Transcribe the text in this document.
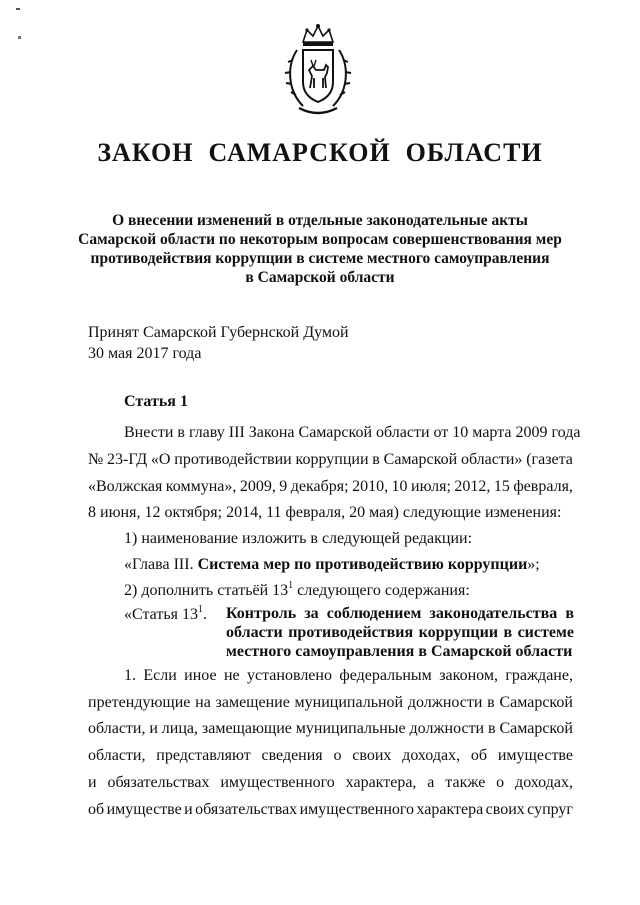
ЗАКОН  САМАРСКОЙ  ОБЛАСТИ
О внесении изменений в отдельные законодательные акты
Самарской области по некоторым вопросам совершенствования мер
противодействия коррупции в системе местного самоуправления
в Самарской области
Принят Самарской Губернской Думой
30 мая 2017 года
Статья 1
Внести в главу III Закона Самарской области от 10 марта 2009 года
№ 23-ГД «О противодействии коррупции в Самарской области» (газета
«Волжская коммуна», 2009, 9 декабря; 2010, 10 июля; 2012, 15 февраля,
8 июня, 12 октября; 2014, 11 февраля, 20 мая) следующие изменения:
1) наименование изложить в следующей редакции:
«Глава III. Система мер по противодействию коррупции»;
2) дополнить статьёй $13^1$ следующего содержания:
«Статья $13^1$. Контроль за соблюдением законодательства в
области противодействия коррупции в системе
местного самоуправления в Самарской области
1. Если иное не установлено федеральным законом, граждане,
претендующие на замещение муниципальной должности в Самарской
области, и лица, замещающие муниципальные должности в Самарской
области, представляют сведения о своих доходах, об имуществе
и обязательствах имущественного характера, а также о доходах,
об имуществе и обязательствах имущественного характера своих супруг
